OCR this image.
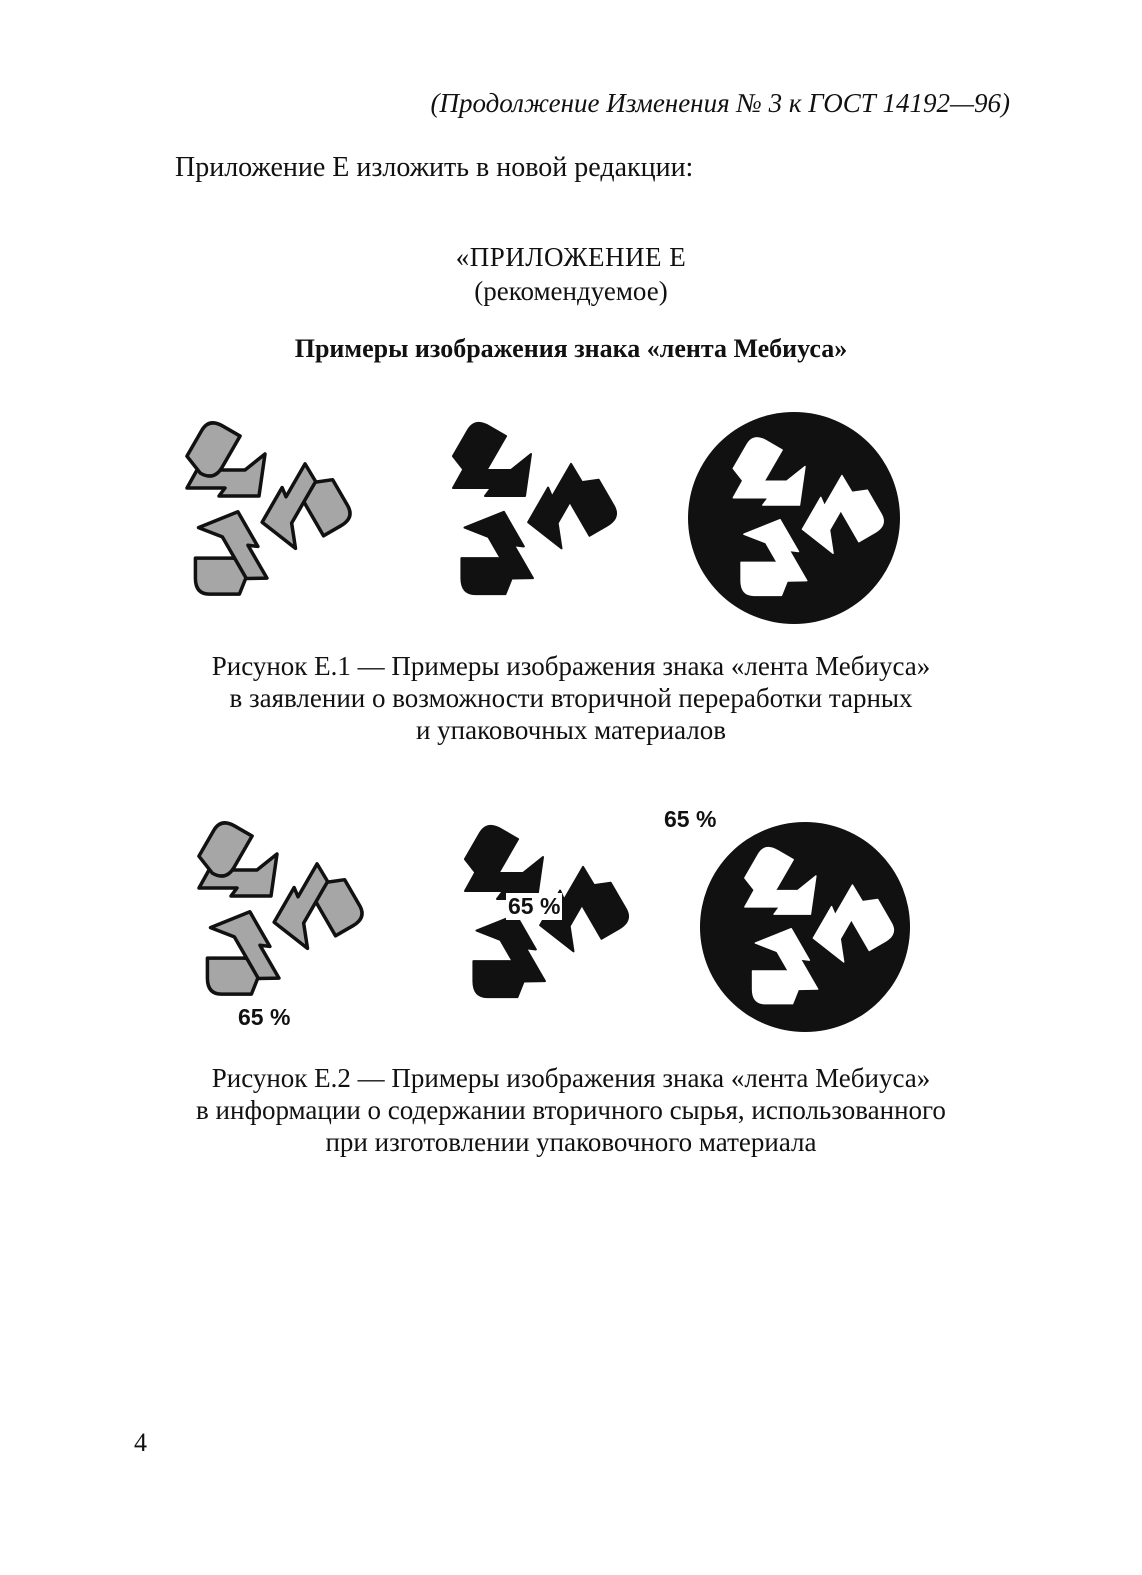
(Продолжение Изменения № 3 к ГОСТ 14192—96)
Приложение Е изложить в новой редакции:
«ПРИЛОЖЕНИЕ Е
(рекомендуемое)
Примеры изображения знака «лента Мебиуса»
Рисунок Е.1 — Примеры изображения знака «лента Мебиуса»
в заявлении о возможности вторичной переработки тарных
и упаковочных материалов
65 %
65 %
65 %
Рисунок Е.2 — Примеры изображения знака «лента Мебиуса»
в информации о содержании вторичного сырья, использованного
при изготовлении упаковочного материала
4
